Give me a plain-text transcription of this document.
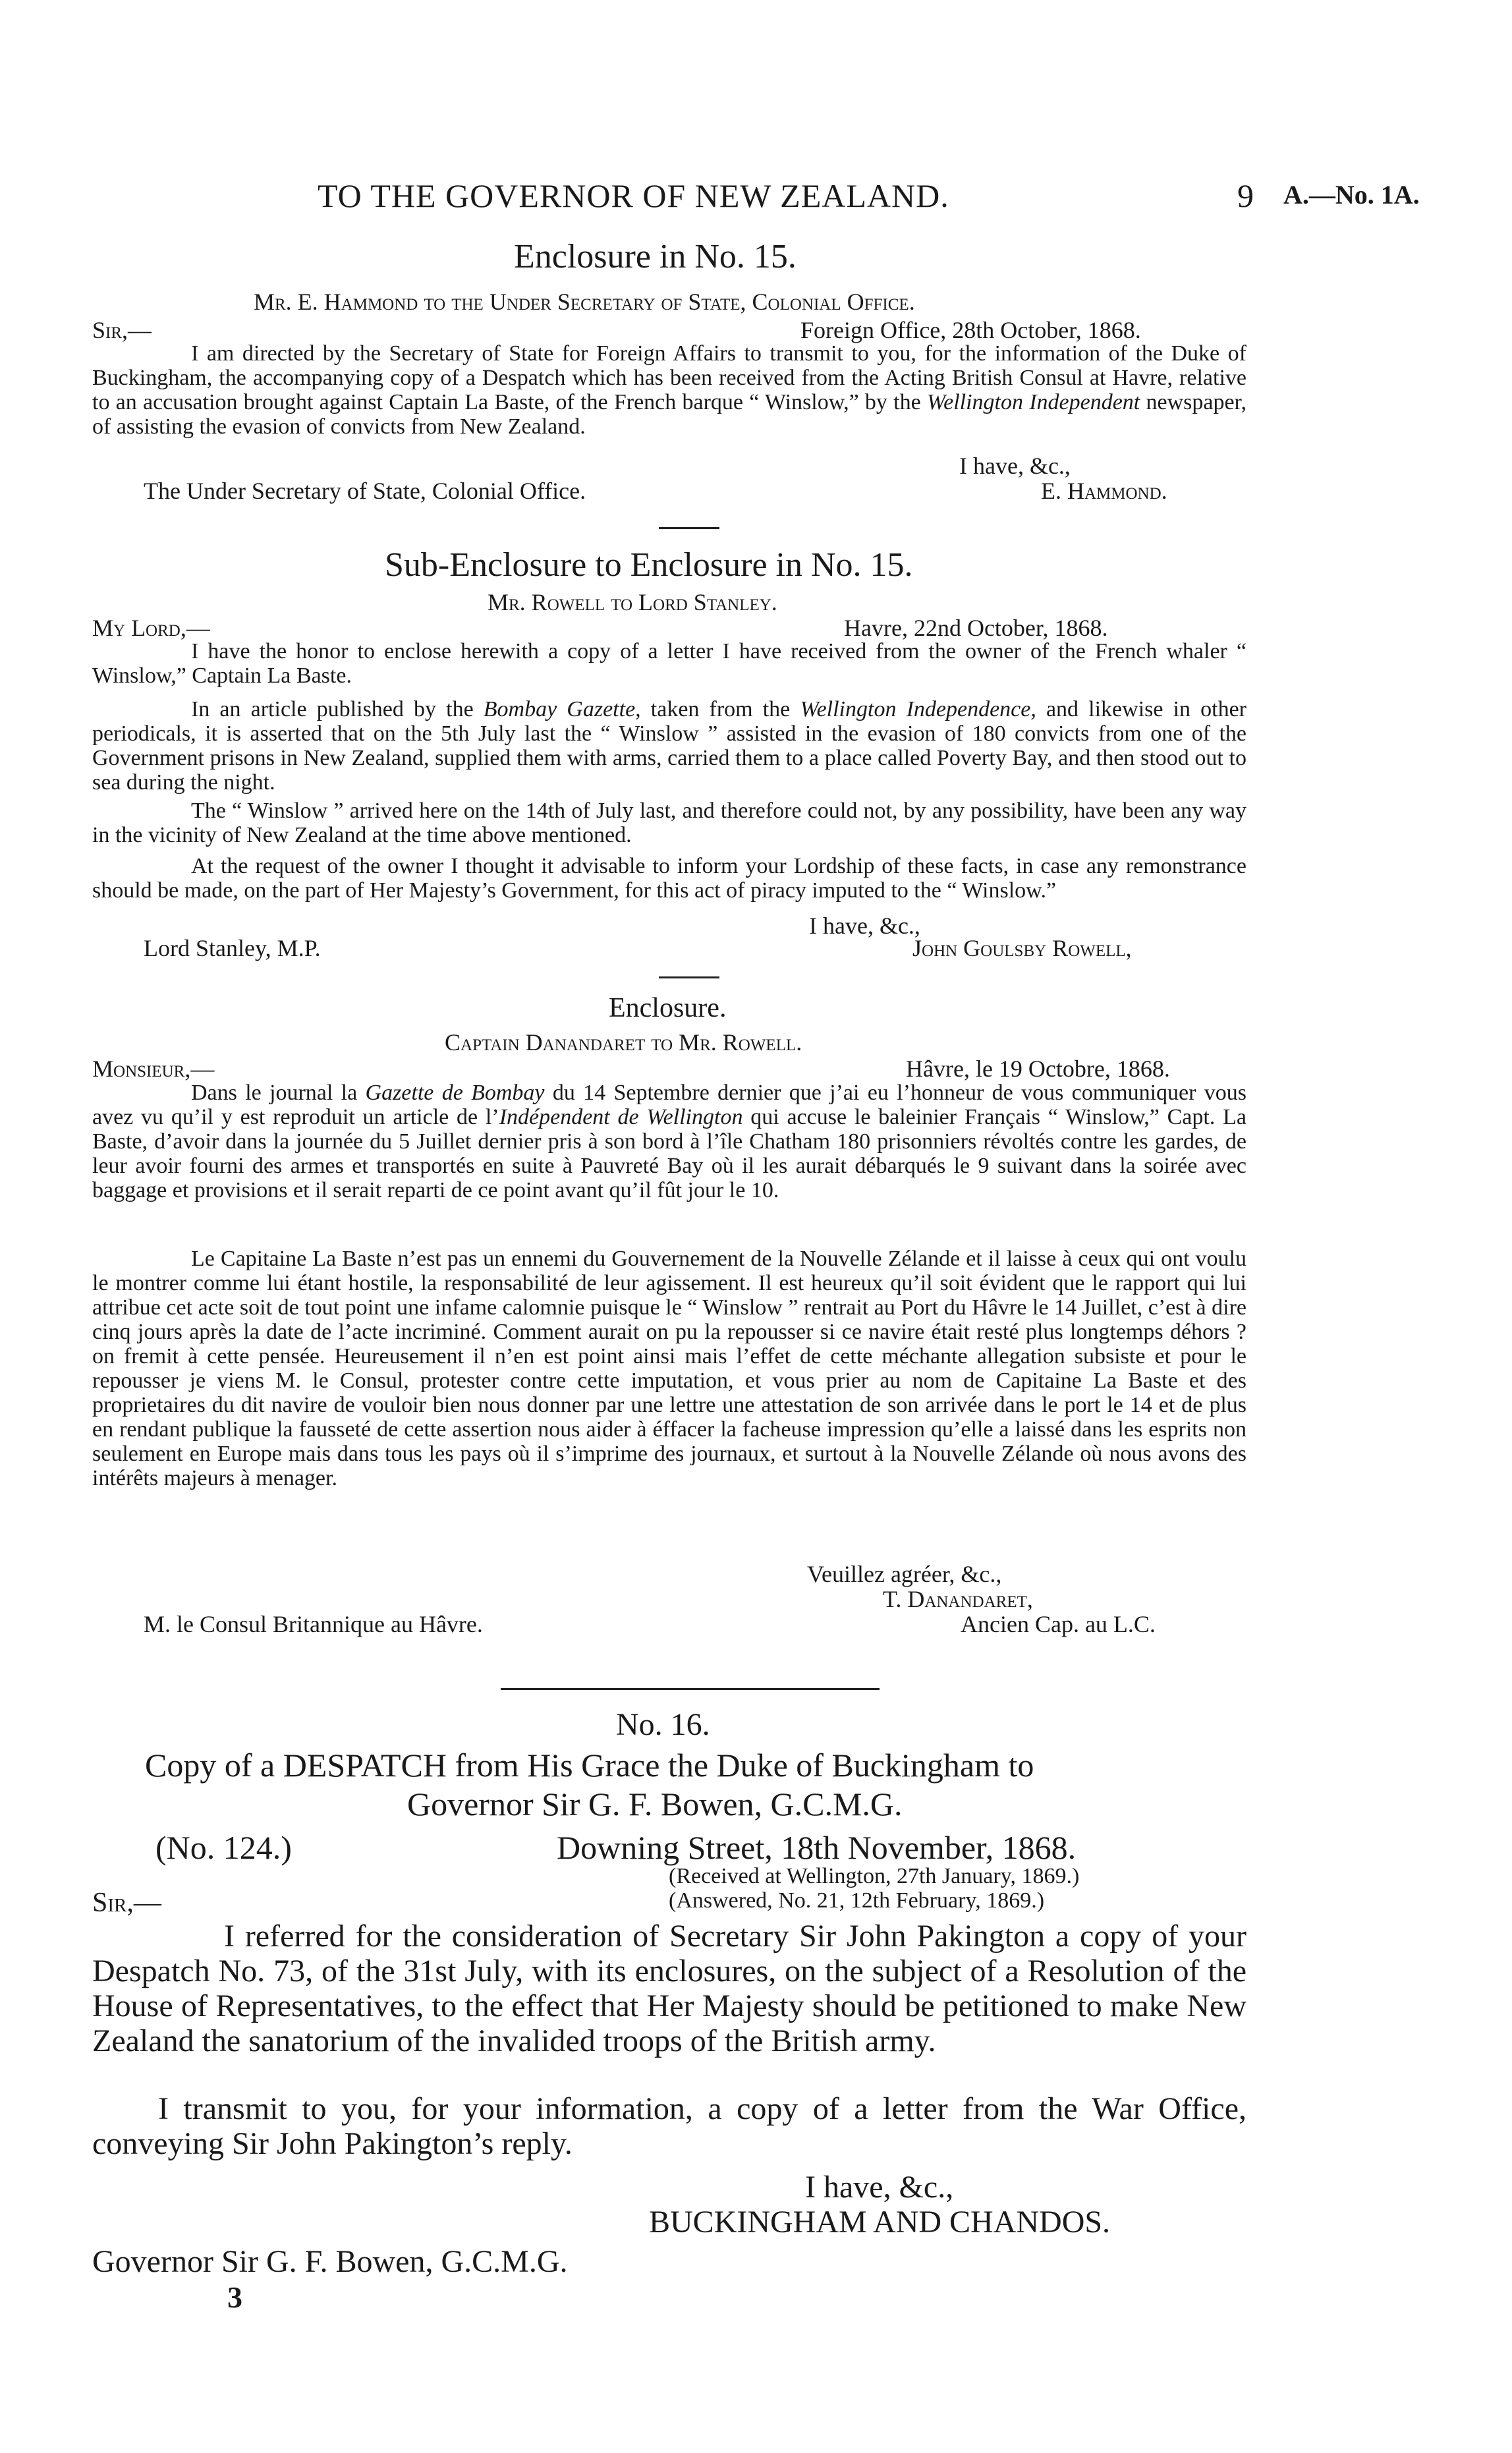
TO THE GOVERNOR OF NEW ZEALAND.	9 A.—No. 1A.
Enclosure in No. 15.
Mr. E. Hammond to the Under Secretary of State, Colonial Office.
Sir,—	Foreign Office, 28th October, 1868.

I am directed by the Secretary of State for Foreign Affairs to transmit to you, for the information of the Duke of Buckingham, the accompanying copy of a Despatch which has been received from the Acting British Consul at Havre, relative to an accusation brought against Captain La Baste, of the French barque “ Winslow,” by the Wellington Independent newspaper, of assisting the evasion of convicts from New Zealand.

I have, &c.,
The Under Secretary of State, Colonial Office.	E. Hammond.
Sub-Enclosure to Enclosure in No. 15.
Mr. Rowell to Lord Stanley.
My Lord,—	Havre, 22nd October, 1868.

I have the honor to enclose herewith a copy of a letter I have received from the owner of the French whaler “ Winslow,” Captain La Baste.

In an article published by the Bombay Gazette, taken from the Wellington Independence, and likewise in other periodicals, it is asserted that on the 5th July last the “ Winslow ” assisted in the evasion of 180 convicts from one of the Government prisons in New Zealand, supplied them with arms, carried them to a place called Poverty Bay, and then stood out to sea during the night.

The “ Winslow ” arrived here on the 14th of July last, and therefore could not, by any possibility, have been any way in the vicinity of New Zealand at the time above mentioned.

At the request of the owner I thought it advisable to inform your Lordship of these facts, in case any remonstrance should be made, on the part of Her Majesty’s Government, for this act of piracy imputed to the “ Winslow.”

I have, &c.,
Lord Stanley, M.P.	John Goulsby Rowell,
Enclosure.
Captain Danandaret to Mr. Rowell.
Monsieur,—	Hâvre, le 19 Octobre, 1868.

Dans le journal la Gazette de Bombay du 14 Septembre dernier que j’ai eu l’honneur de vous communiquer vous avez vu qu’il y est reproduit un article de l’Indépendent de Wellington qui accuse le baleinier Français “ Winslow,” Capt. La Baste, d’avoir dans la journée du 5 Juillet dernier pris à son bord à l’île Chatham 180 prisonniers révoltés contre les gardes, de leur avoir fourni des armes et transportés en suite à Pauvreté Bay où il les aurait débarqués le 9 suivant dans la soirée avec baggage et provisions et il serait reparti de ce point avant qu’il fût jour le 10.

Le Capitaine La Baste n’est pas un ennemi du Gouvernement de la Nouvelle Zélande et il laisse à ceux qui ont voulu le montrer comme lui étant hostile, la responsabilité de leur agissement. Il est heureux qu’il soit évident que le rapport qui lui attribue cet acte soit de tout point une infame calomnie puisque le “ Winslow ” rentrait au Port du Hâvre le 14 Juillet, c’est à dire cinq jours après la date de l’acte incriminé. Comment aurait on pu la repousser si ce navire était resté plus longtemps déhors ? on fremit à cette pensée. Heureusement il n’en est point ainsi mais l’effet de cette méchante allegation subsiste et pour le repousser je viens M. le Consul, protester contre cette imputation, et vous prier au nom de Capitaine La Baste et des proprietaires du dit navire de vouloir bien nous donner par une lettre une attestation de son arrivée dans le port le 14 et de plus en rendant publique la fausseté de cette assertion nous aider à éffacer la facheuse impression qu’elle a laissé dans les esprits non seulement en Europe mais dans tous les pays où il s’imprime des journaux, et surtout à la Nouvelle Zélande où nous avons des intérêts majeurs à menager.

Veuillez agréer, &c.,
T. Danandaret,
M. le Consul Britannique au Hâvre.	Ancien Cap. au L.C.
No. 16.
Copy of a DESPATCH from His Grace the Duke of Buckingham to
Governor Sir G. F. Bowen, G.C.M.G.
(No. 124.)	Downing Street, 18th November, 1868.
(Received at Wellington, 27th January, 1869.)
Sir,—	(Answered, No. 21, 12th February, 1869.)

I referred for the consideration of Secretary Sir John Pakington a copy of your Despatch No. 73, of the 31st July, with its enclosures, on the subject of a Resolution of the House of Representatives, to the effect that Her Majesty should be petitioned to make New Zealand the sanatorium of the invalided troops of the British army.

I transmit to you, for your information, a copy of a letter from the War Office, conveying Sir John Pakington’s reply.

I have, &c.,
BUCKINGHAM AND CHANDOS.
Governor Sir G. F. Bowen, G.C.M.G.
3
